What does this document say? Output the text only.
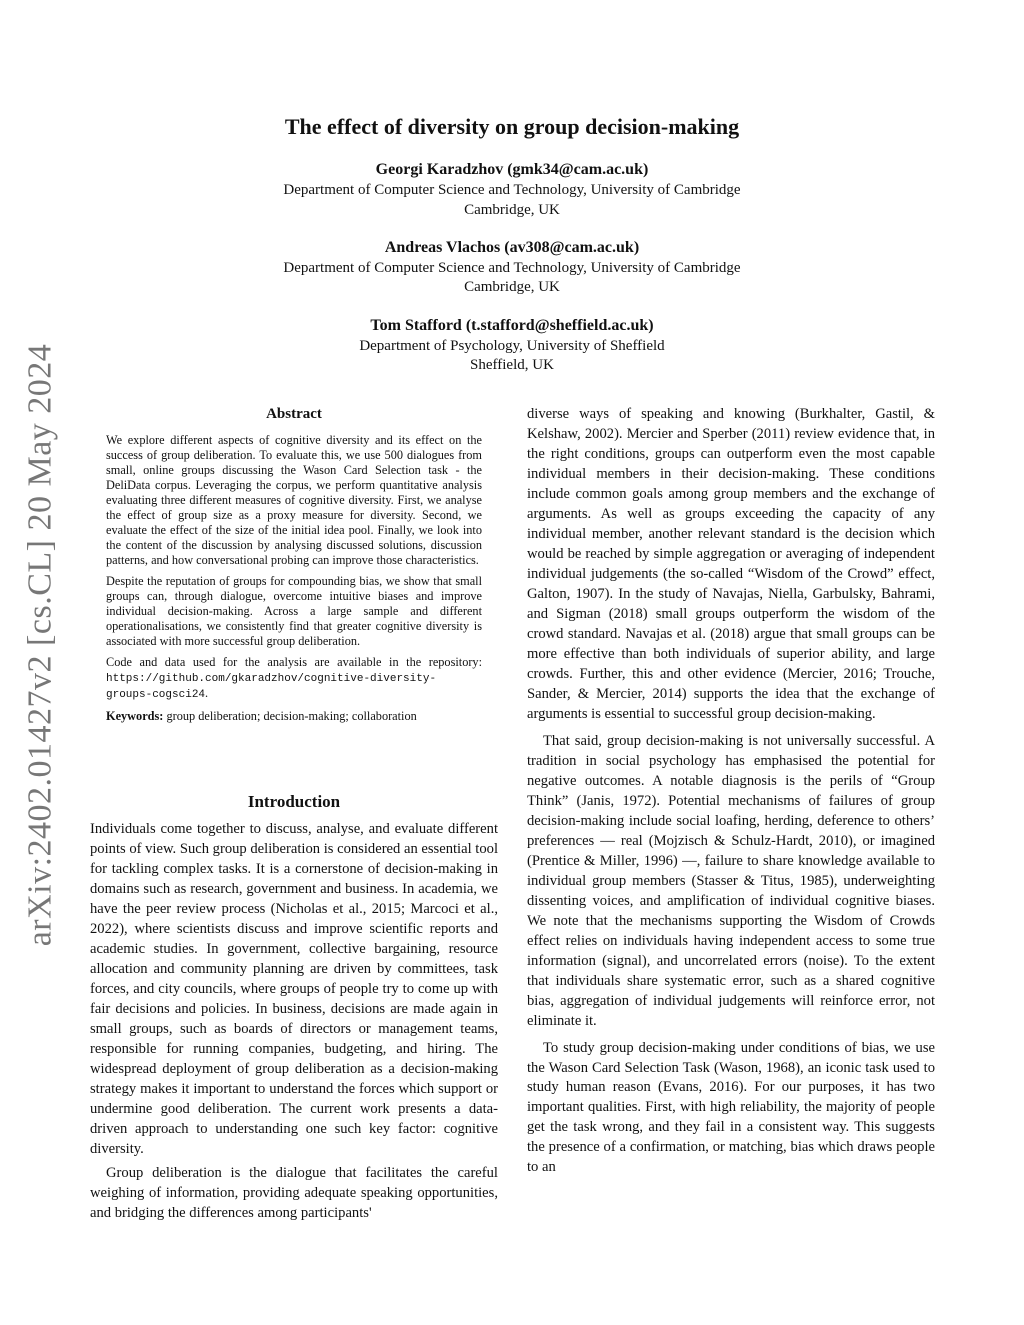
arXiv:2402.01427v2 [cs.CL] 20 May 2024
The effect of diversity on group decision-making
Georgi Karadzhov (gmk34@cam.ac.uk)
Department of Computer Science and Technology, University of Cambridge
Cambridge, UK
Andreas Vlachos (av308@cam.ac.uk)
Department of Computer Science and Technology, University of Cambridge
Cambridge, UK
Tom Stafford (t.stafford@sheffield.ac.uk)
Department of Psychology, University of Sheffield
Sheffield, UK
Abstract

We explore different aspects of cognitive diversity and its effect on the success of group deliberation. To evaluate this, we use 500 dialogues from small, online groups discussing the Wason Card Selection task - the DeliData corpus. Leveraging the corpus, we perform quantitative analysis evaluating three different measures of cognitive diversity. First, we analyse the effect of group size as a proxy measure for diversity. Second, we evaluate the effect of the size of the initial idea pool. Finally, we look into the content of the discussion by analysing discussed solutions, discussion patterns, and how conversational probing can improve those characteristics.

Despite the reputation of groups for compounding bias, we show that small groups can, through dialogue, overcome intuitive biases and improve individual decision-making. Across a large sample and different operationalisations, we consistently find that greater cognitive diversity is associated with more successful group deliberation.

Code and data used for the analysis are available in the repository: https://github.com/gkaradzhov/cognitive-diversity-groups-cogsci24.

Keywords: group deliberation; decision-making; collaboration

Introduction

Individuals come together to discuss, analyse, and evaluate different points of view. Such group deliberation is considered an essential tool for tackling complex tasks. It is a cornerstone of decision-making in domains such as research, government and business. In academia, we have the peer review process (Nicholas et al., 2015; Marcoci et al., 2022), where scientists discuss and improve scientific reports and academic studies. In government, collective bargaining, resource allocation and community planning are driven by committees, task forces, and city councils, where groups of people try to come up with fair decisions and policies. In business, decisions are made again in small groups, such as boards of directors or management teams, responsible for running companies, budgeting, and hiring. The widespread deployment of group deliberation as a decision-making strategy makes it important to understand the forces which support or undermine good deliberation. The current work presents a data-driven approach to understanding one such key factor: cognitive diversity.

Group deliberation is the dialogue that facilitates the careful weighing of information, providing adequate speaking opportunities, and bridging the differences among participants'

diverse ways of speaking and knowing (Burkhalter, Gastil, & Kelshaw, 2002). Mercier and Sperber (2011) review evidence that, in the right conditions, groups can outperform even the most capable individual members in their decision-making. These conditions include common goals among group members and the exchange of arguments. As well as groups exceeding the capacity of any individual member, another relevant standard is the decision which would be reached by simple aggregation or averaging of independent individual judgements (the so-called “Wisdom of the Crowd” effect, Galton, 1907). In the study of Navajas, Niella, Garbulsky, Bahrami, and Sigman (2018) small groups outperform the wisdom of the crowd standard. Navajas et al. (2018) argue that small groups can be more effective than both individuals of superior ability, and large crowds. Further, this and other evidence (Mercier, 2016; Trouche, Sander, & Mercier, 2014) supports the idea that the exchange of arguments is essential to successful group decision-making.

That said, group decision-making is not universally successful. A tradition in social psychology has emphasised the potential for negative outcomes. A notable diagnosis is the perils of “Group Think” (Janis, 1972). Potential mechanisms of failures of group decision-making include social loafing, herding, deference to others’ preferences — real (Mojzisch & Schulz-Hardt, 2010), or imagined (Prentice & Miller, 1996) —, failure to share knowledge available to individual group members (Stasser & Titus, 1985), underweighting dissenting voices, and amplification of individual cognitive biases. We note that the mechanisms supporting the Wisdom of Crowds effect relies on individuals having independent access to some true information (signal), and uncorrelated errors (noise). To the extent that individuals share systematic error, such as a shared cognitive bias, aggregation of individual judgements will reinforce error, not eliminate it.

To study group decision-making under conditions of bias, we use the Wason Card Selection Task (Wason, 1968), an iconic task used to study human reason (Evans, 2016). For our purposes, it has two important qualities. First, with high reliability, the majority of people get the task wrong, and they fail in a consistent way. This suggests the presence of a confirmation, or matching, bias which draws people to an
